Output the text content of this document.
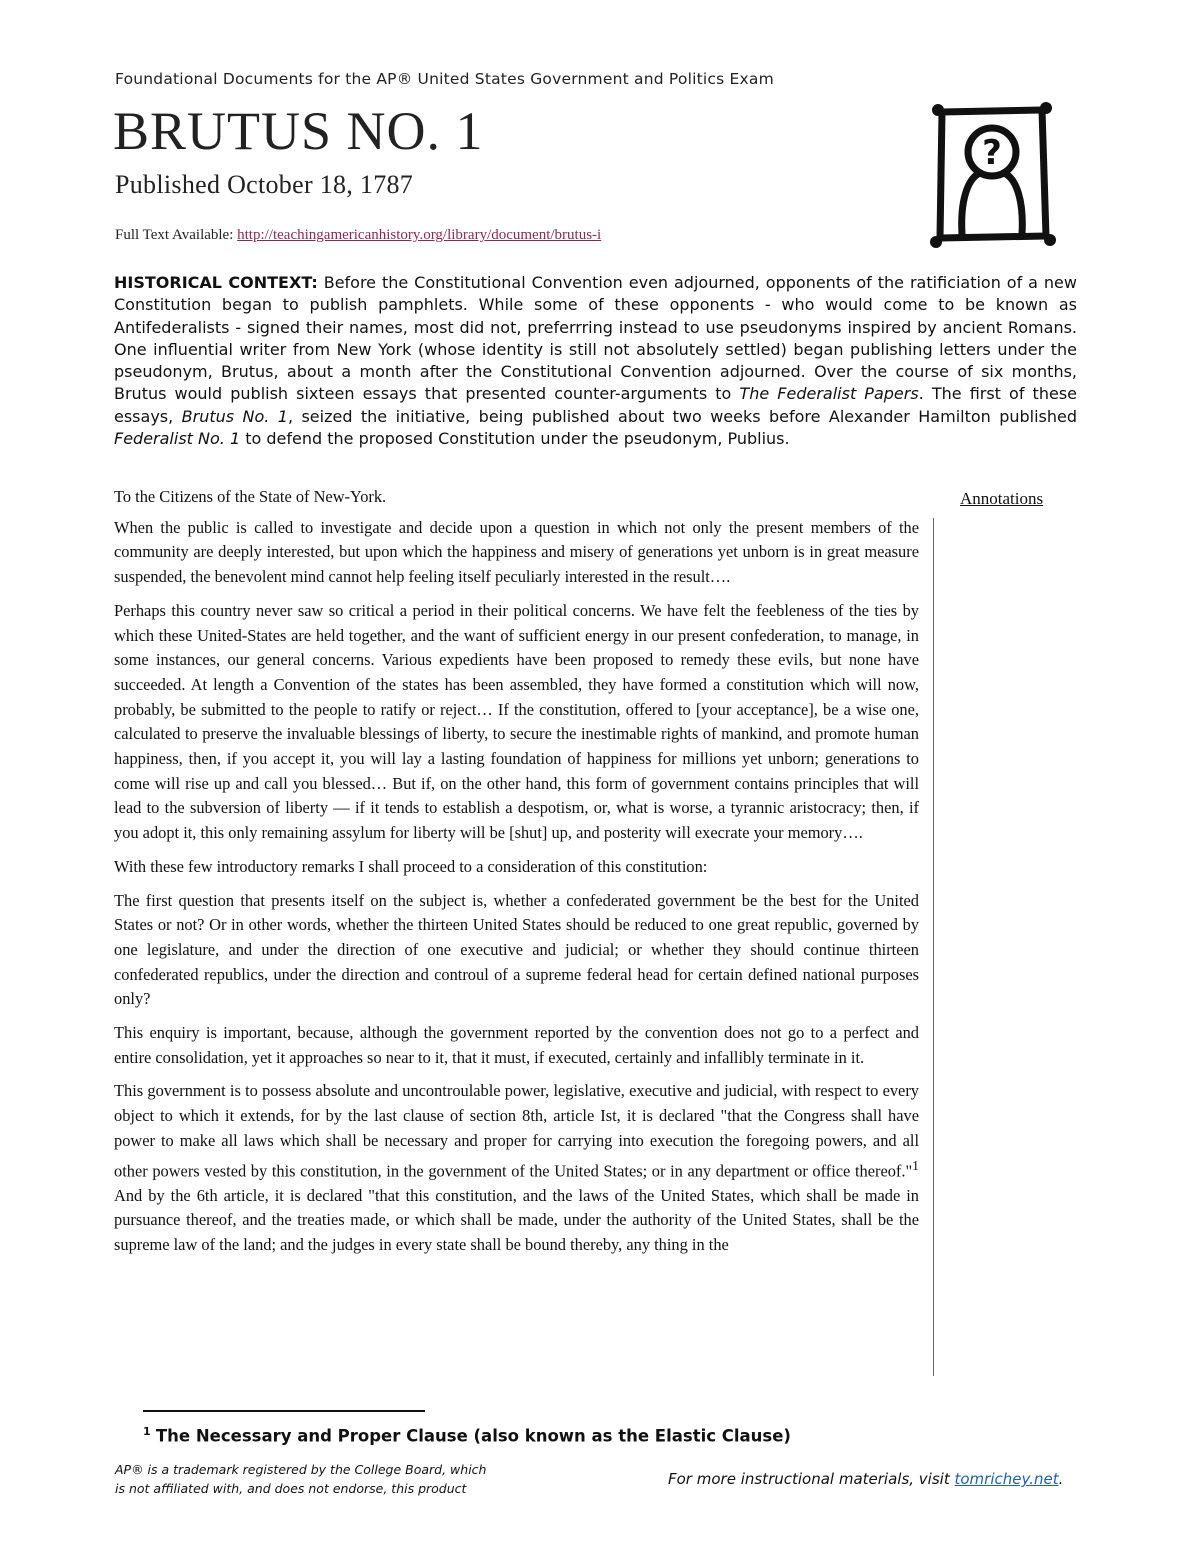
Foundational Documents for the AP® United States Government and Politics Exam
BRUTUS NO. 1
Published October 18, 1787
Full Text Available: http://teachingamericanhistory.org/library/document/brutus-i
?

HISTORICAL CONTEXT: Before the Constitutional Convention even adjourned, opponents of the ratificiation of a new Constitution began to publish pamphlets. While some of these opponents - who would come to be known as Antifederalists - signed their names, most did not, preferrring instead to use pseudonyms inspired by ancient Romans. One influential writer from New York (whose identity is still not absolutely settled) began publishing letters under the pseudonym, Brutus, about a month after the Constitutional Convention adjourned. Over the course of six months, Brutus would publish sixteen essays that presented counter-arguments to The Federalist Papers. The first of these essays, Brutus No. 1, seized the initiative, being published about two weeks before Alexander Hamilton published Federalist No. 1 to defend the proposed Constitution under the pseudonym, Publius.

To the Citizens of the State of New-York.

When the public is called to investigate and decide upon a question in which not only the present members of the community are deeply interested, but upon which the happiness and misery of generations yet unborn is in great measure suspended, the benevolent mind cannot help feeling itself peculiarly interested in the result….

Perhaps this country never saw so critical a period in their political concerns. We have felt the feebleness of the ties by which these United-States are held together, and the want of sufficient energy in our present confederation, to manage, in some instances, our general concerns. Various expedients have been proposed to remedy these evils, but none have succeeded. At length a Convention of the states has been assembled, they have formed a constitution which will now, probably, be submitted to the people to ratify or reject… If the constitution, offered to [your acceptance], be a wise one, calculated to preserve the invaluable blessings of liberty, to secure the inestimable rights of mankind, and promote human happiness, then, if you accept it, you will lay a lasting foundation of happiness for millions yet unborn; generations to come will rise up and call you blessed… But if, on the other hand, this form of government contains principles that will lead to the subversion of liberty — if it tends to establish a despotism, or, what is worse, a tyrannic aristocracy; then, if you adopt it, this only remaining assylum for liberty will be [shut] up, and posterity will execrate your memory….

With these few introductory remarks I shall proceed to a consideration of this constitution:

The first question that presents itself on the subject is, whether a confederated government be the best for the United States or not? Or in other words, whether the thirteen United States should be reduced to one great republic, governed by one legislature, and under the direction of one executive and judicial; or whether they should continue thirteen confederated republics, under the direction and controul of a supreme federal head for certain defined national purposes only?

This enquiry is important, because, although the government reported by the convention does not go to a perfect and entire consolidation, yet it approaches so near to it, that it must, if executed, certainly and infallibly terminate in it.

This government is to possess absolute and uncontroulable power, legislative, executive and judicial, with respect to every object to which it extends, for by the last clause of section 8th, article Ist, it is declared "that the Congress shall have power to make all laws which shall be necessary and proper for carrying into execution the foregoing powers, and all other powers vested by this constitution, in the government of the United States; or in any department or office thereof."$^1$ And by the 6th article, it is declared "that this constitution, and the laws of the United States, which shall be made in pursuance thereof, and the treaties made, or which shall be made, under the authority of the United States, shall be the supreme law of the land; and the judges in every state shall be bound thereby, any thing in the

Annotations
$^1$ The Necessary and Proper Clause (also known as the Elastic Clause)
AP® is a trademark registered by the College Board, which
is not affiliated with, and does not endorse, this product
For more instructional materials, visit tomrichey.net.
